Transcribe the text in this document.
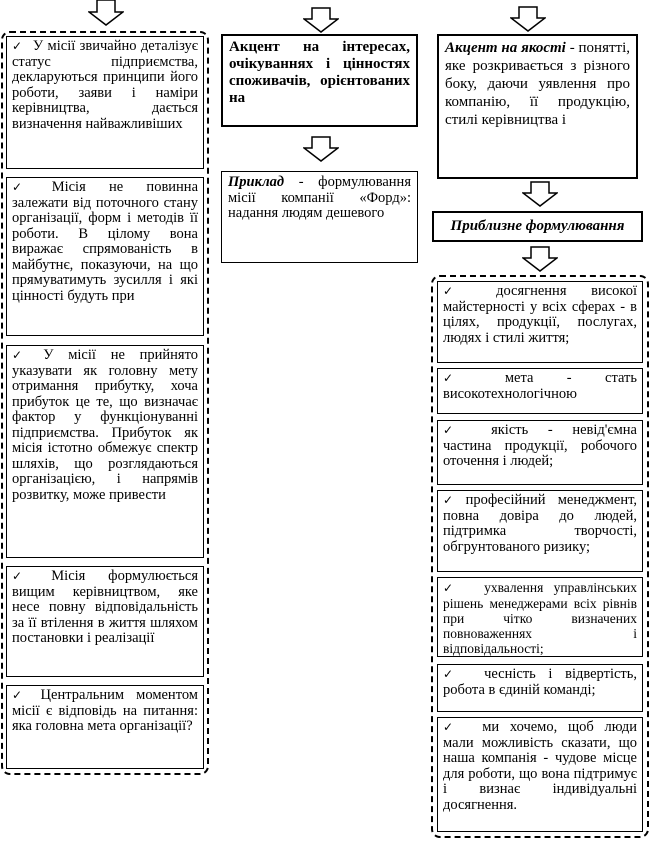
✓ У місії звичайно деталізує статус підприємства, декларуються принципи його роботи, заяви і наміри керівництва, дається визначення найважливіших
✓ Місія не повинна залежати від поточного стану організації, форм і методів її роботи. В цілому вона виражає спрямованість в майбутнє, показуючи, на що прямуватимуть зусилля і які цінності будуть при
✓ У місії не прийнято указувати як головну мету отримання прибутку, хоча прибуток це те, що визначає фактор у функціонуванні підприємства. Прибуток як місія істотно обмежує спектр шляхів, що розглядаються організацією, і напрямів розвитку, може привести
✓ Місія формулюється вищим керівництвом, яке несе повну відповідальність за її втілення в життя шляхом постановки і реалізації
✓ Центральним моментом місії є відповідь на питання: яка головна мета організації?
Акцент на інтересах, очікуваннях і цінностях споживачів, орієнтованих на
Приклад - формулювання місії компанії «Форд»: надання людям дешевого
Акцент на якості - понятті, яке розкривається з різного боку, даючи уявлення про компанію, її продукцію, стилі керівництва і
Приблизне формулювання
✓ досягнення високої майстерності у всіх сферах - в цілях, продукції, послугах, людях і стилі життя;
✓ мета - стать високотехнологічною
✓ якість - невід'ємна частина продукції, робочого оточення і людей;
✓ професійний менеджмент, повна довіра до людей, підтримка творчості, обгрунтованого ризику;
✓ ухвалення управлінських рішень менеджерами всіх рівнів при чітко визначених повноваженнях і відповідальності;
✓ чесність і відвертість, робота в єдиній команді;
✓ ми хочемо, щоб люди мали можливість сказати, що наша компанія - чудове місце для роботи, що вона підтримує і визнає індивідуальні досягнення.
